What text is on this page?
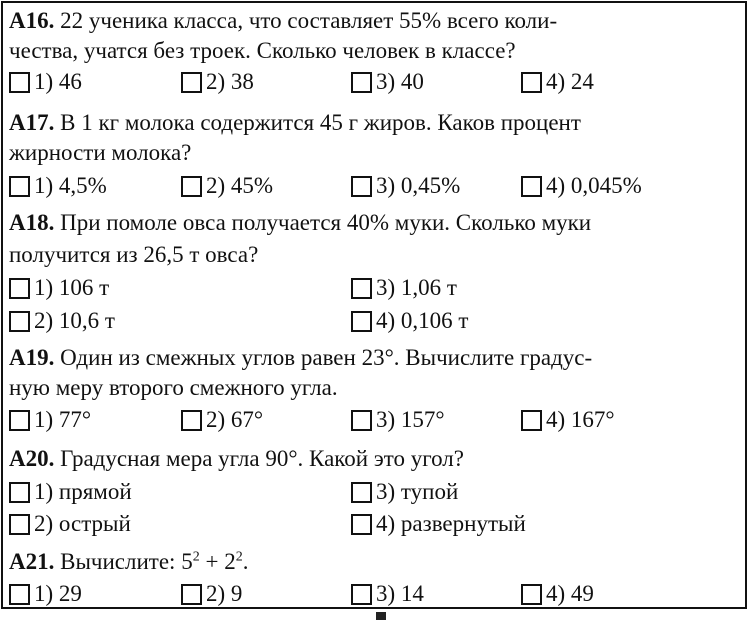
A16. 22 ученика класса, что составляет 55% всего коли-
чества, учатся без троек. Сколько человек в классе?
1) 46	2) 38	3) 40	4) 24
A17. В 1 кг молока содержится 45 г жиров. Каков процент
жирности молока?
1) 4,5%	2) 45%	3) 0,45%	4) 0,045%
A18. При помоле овса получается 40% муки. Сколько муки
получится из 26,5 т овса?
1) 106 т
2) 10,6 т
3) 1,06 т
4) 0,106 т
A19. Один из смежных углов равен 23°. Вычислите градус-
ную меру второго смежного угла.
1) 77°	2) 67°	3) 157°	4) 167°
A20. Градусная мера угла 90°. Какой это угол?
1) прямой
2) острый
3) тупой
4) развернутый
A21. Вычислите: $5^2 + 2^2$.
1) 29	2) 9	3) 14	4) 49
